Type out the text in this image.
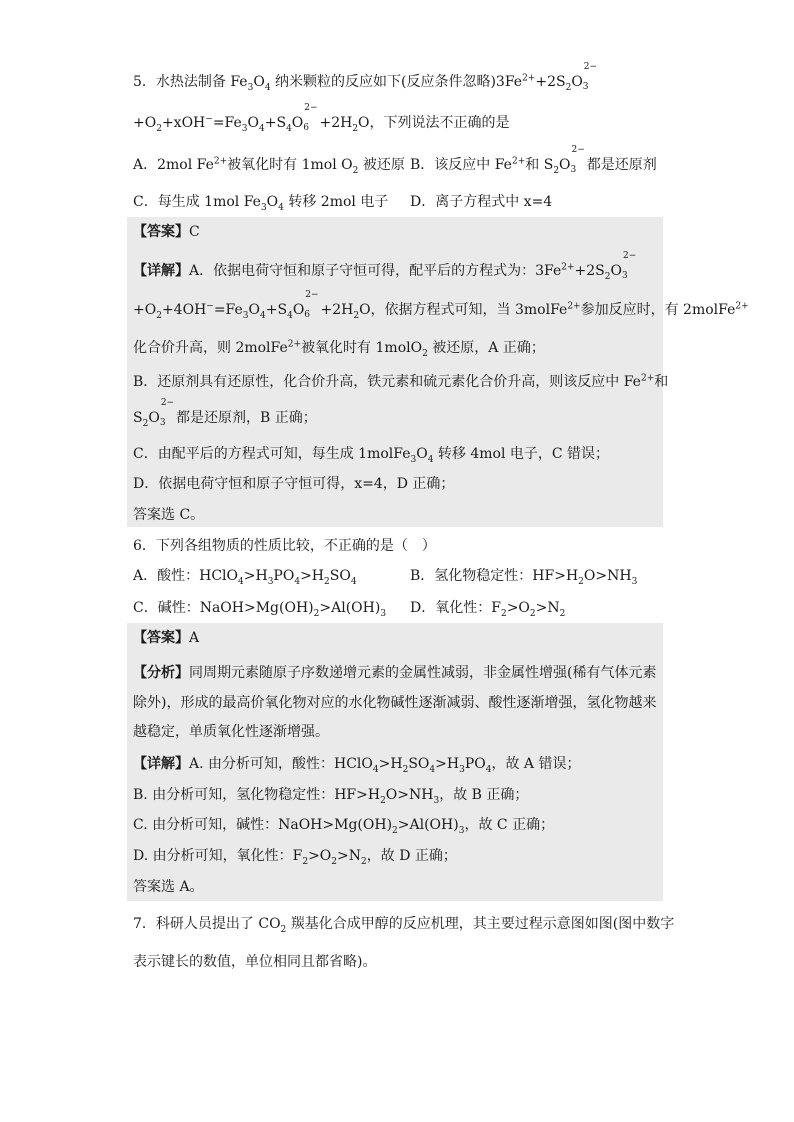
5．水热法制备 $Fe_3O_4$ 纳米颗粒的反应如下(反应条件忽略)$3Fe^{2+}+2S_2O$
2−
3
$+O_2+xOH^-=Fe_3O_4+S_4O$
2−
$6 +2H_2O$，下列说法不正确的是
A．2mol $Fe^{2+}$被氧化时有 1mol $O_2$ 被还原 B．该反应中 $Fe^{2+}$和 $S_2O$
2−
3 都是还原剂
C．每生成 1mol $Fe_3O_4$ 转移 2mol 电子 D．离子方程式中 x=4
【答案】C
【详解】A．依据电荷守恒和原子守恒可得，配平后的方程式为：$3Fe^{2+}+2S_2O$
2−
3
$+O_2+4OH^-=Fe_3O_4+S_4O$
2−
$6 +2H_2O$，依据方程式可知，当 3molFe$^{2+}$参加反应时，有 2molFe$^{2+}$
化合价升高，则 2molFe$^{2+}$被氧化时有 1molO$_2$ 被还原，A 正确；
B．还原剂具有还原性，化合价升高，铁元素和硫元素化合价升高，则该反应中 $Fe^{2+}$和
$S_2O$
2−
3 都是还原剂，B 正确；
C．由配平后的方程式可知，每生成 $1molFe_3O_4$ 转移 4mol 电子，C 错误；
D．依据电荷守恒和原子守恒可得，x=4，D 正确；
答案选 C。
6．下列各组物质的性质比较，不正确的是（　）
A．酸性：$HClO_4>H_3PO_4>H_2SO_4$	B．氢化物稳定性：$HF>H_2O>NH_3$
C．碱性：$NaOH>Mg(OH)_2>Al(OH)_3$ D．氧化性：$F_2>O_2>N_2$
【答案】A
【分析】同周期元素随原子序数递增元素的金属性减弱，非金属性增强(稀有气体元素
除外)，形成的最高价氧化物对应的水化物碱性逐渐减弱、酸性逐渐增强，氢化物越来
越稳定，单质氧化性逐渐增强。
【详解】A. 由分析可知，酸性：$HClO_4>H_2SO_4>H_3PO_4$，故 A 错误；
B. 由分析可知，氢化物稳定性：$HF>H_2O>NH_3$，故 B 正确；
C. 由分析可知，碱性：$NaOH>Mg(OH)_2>Al(OH)_3$，故 C 正确；
D. 由分析可知，氧化性：$F_2>O_2>N_2$，故 D 正确；
答案选 A。
7．科研人员提出了 $CO_2$ 羰基化合成甲醇的反应机理，其主要过程示意图如图(图中数字
表示键长的数值，单位相同且都省略)。
